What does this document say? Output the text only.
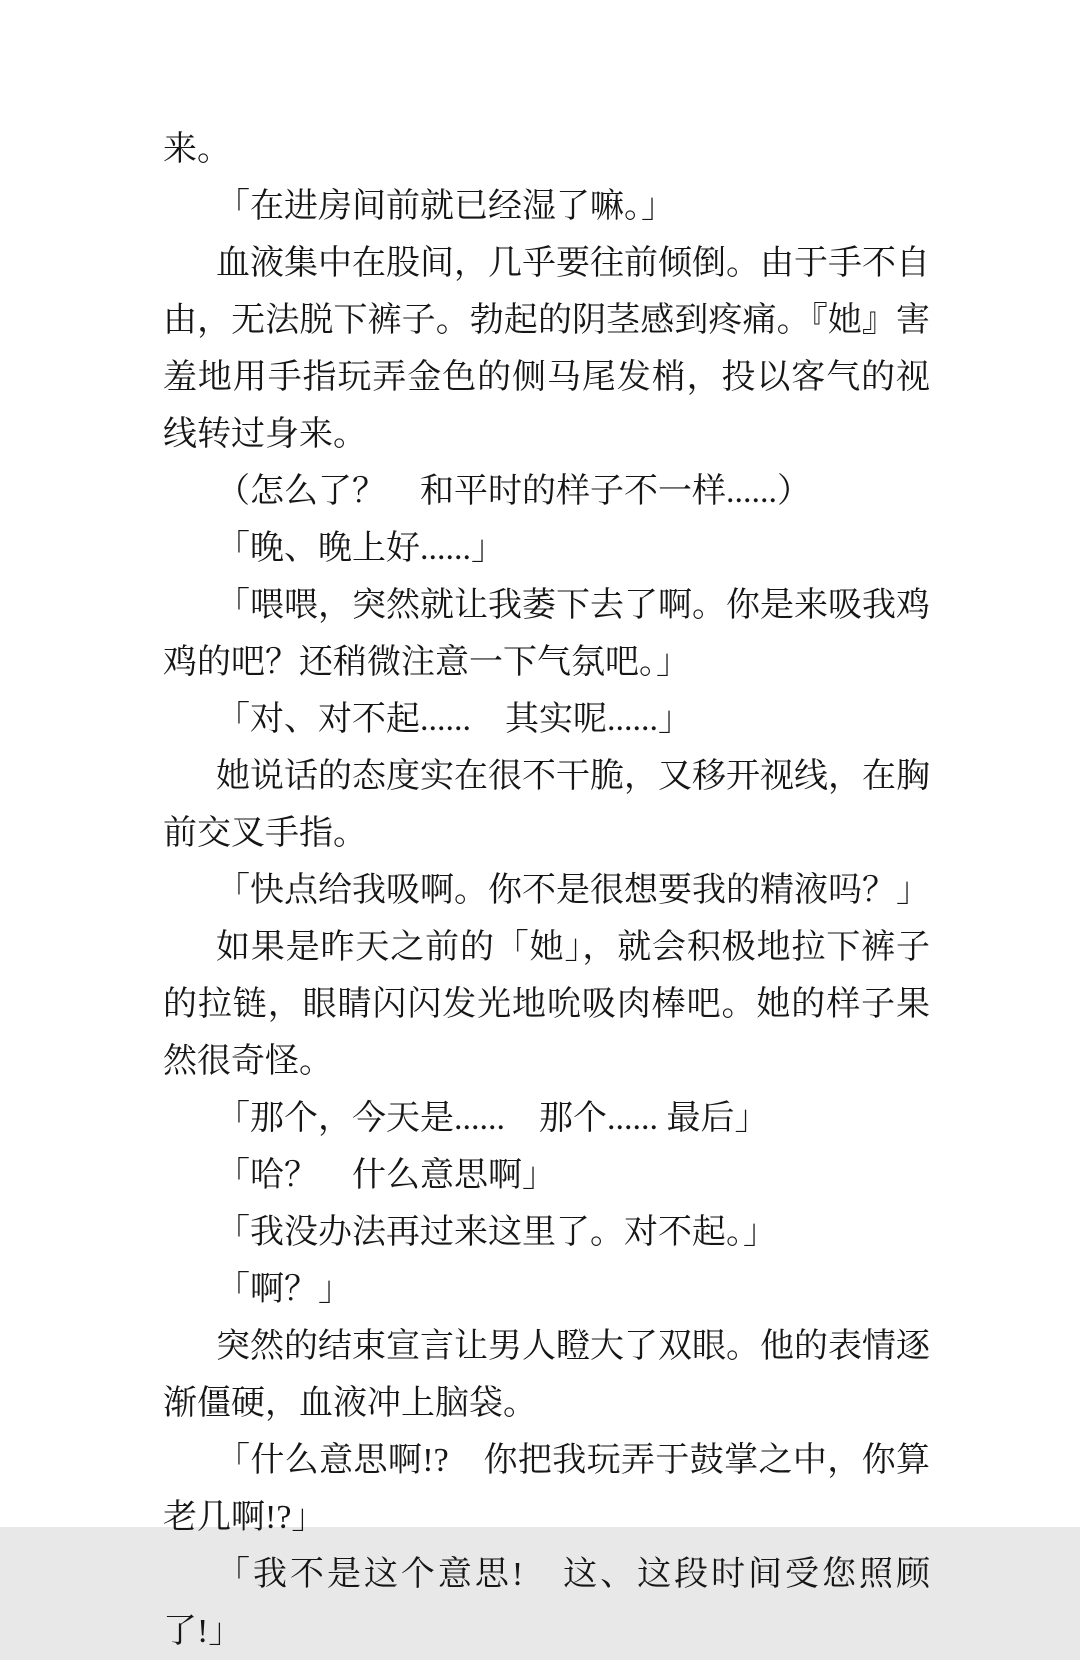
来。

「在进房间前就已经湿了嘛。」

血液集中在股间，几乎要往前倾倒。由于手不自由，无法脱下裤子。勃起的阴茎感到疼痛。『她』害羞地用手指玩弄金色的侧马尾发梢，投以客气的视线转过身来。

（怎么了？　和平时的样子不一样......）

「晚、晚上好......」

「喂喂，突然就让我萎下去了啊。你是来吸我鸡鸡的吧？还稍微注意一下气氛吧。」

「对、对不起......　其实呢......」

她说话的态度实在很不干脆，又移开视线，在胸前交叉手指。

「快点给我吸啊。你不是很想要我的精液吗？」

如果是昨天之前的「她」，就会积极地拉下裤子的拉链，眼睛闪闪发光地吮吸肉棒吧。她的样子果然很奇怪。

「那个，今天是......　那个...... 最后」

「哈？　什么意思啊」

「我没办法再过来这里了。对不起。」

「啊？」

突然的结束宣言让男人瞪大了双眼。他的表情逐渐僵硬，血液冲上脑袋。

「什么意思啊!?　你把我玩弄于鼓掌之中，你算老几啊!?」

「我不是这个意思!　这、这段时间受您照顾了!」
